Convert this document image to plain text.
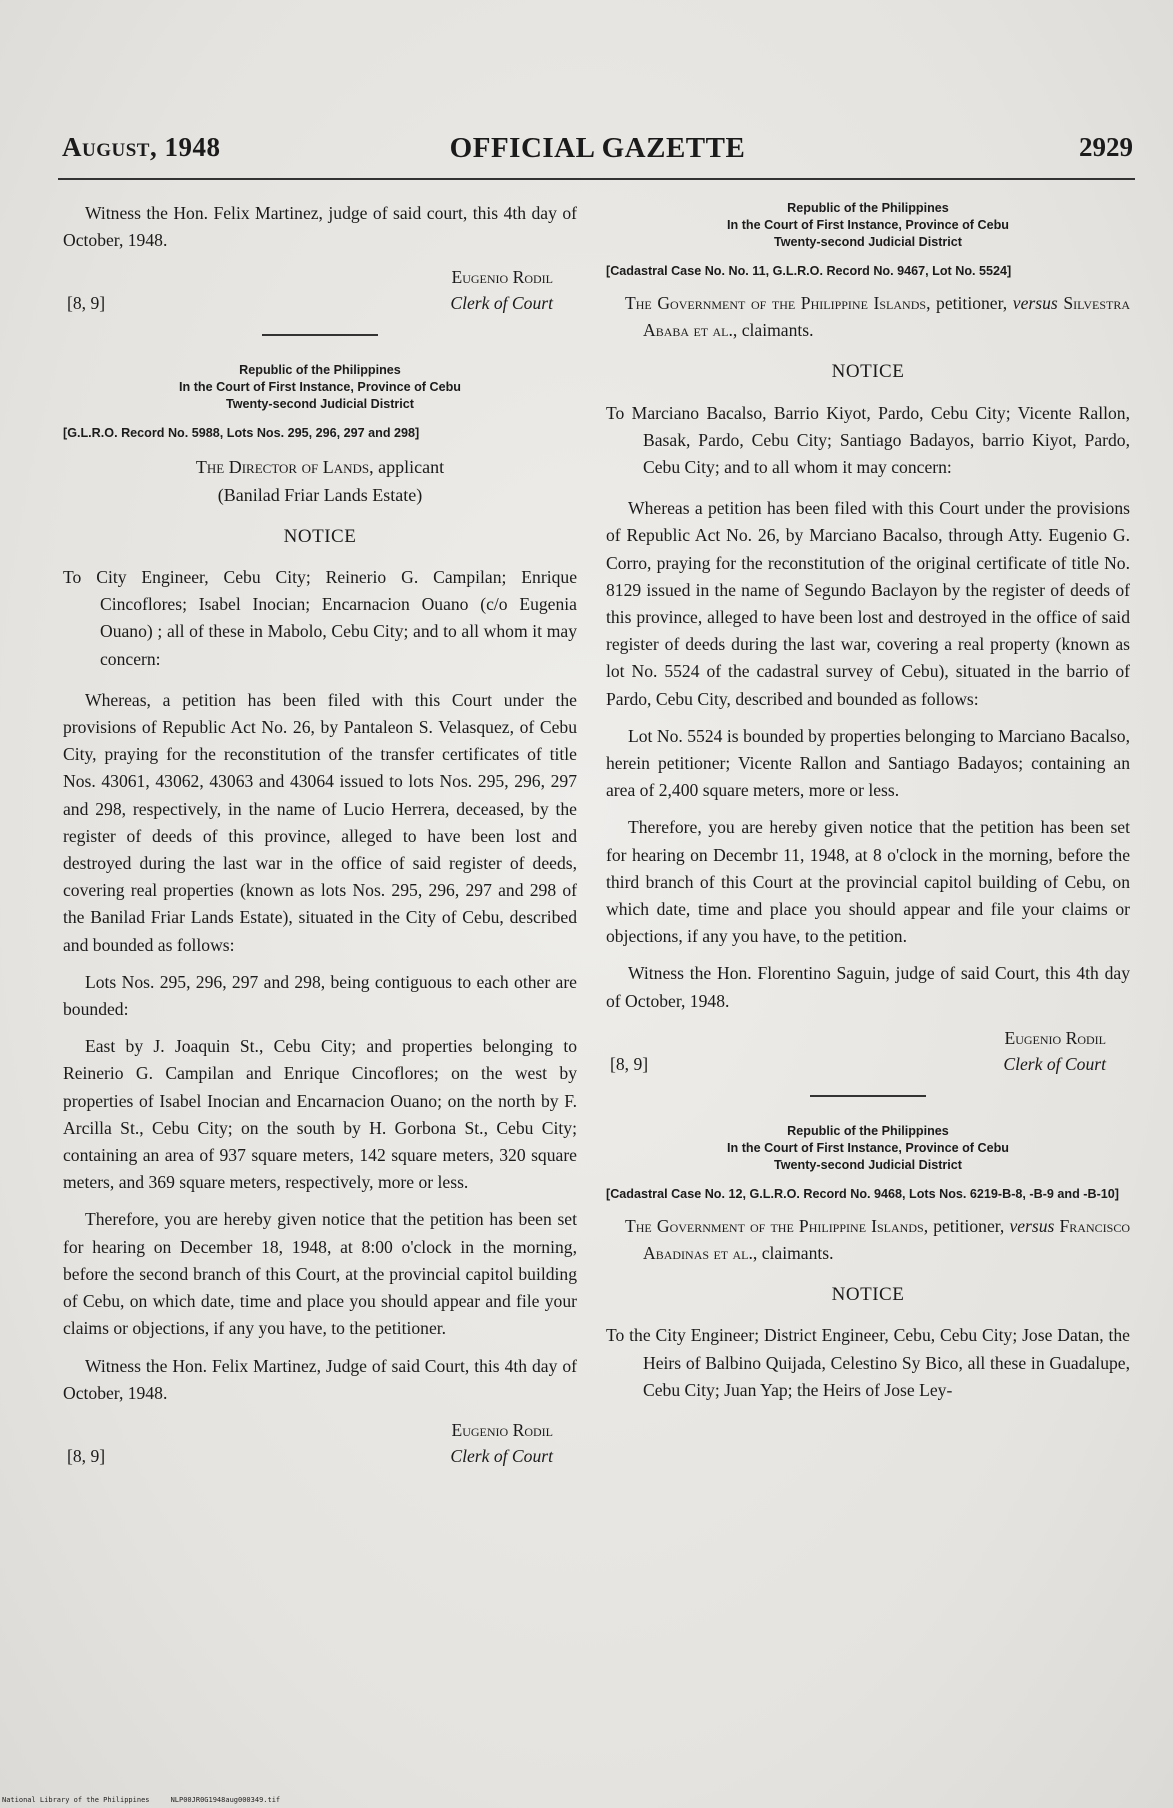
August, 1948	OFFICIAL GAZETTE	2929

Witness the Hon. Felix Martinez, judge of said court, this 4th day of October, 1948.

Eugenio Rodil
[8, 9]	Clerk of Court
Republic of the Philippines
In the Court of First Instance, Province of Cebu
Twenty-second Judicial District
[G.L.R.O. Record No. 5988, Lots Nos. 295, 296, 297 and 298]
The Director of Lands, applicant
(Banilad Friar Lands Estate)
NOTICE
To City Engineer, Cebu City; Reinerio G. Campilan; Enrique Cincoflores; Isabel Inocian; Encarnacion Ouano (c/o Eugenia Ouano) ; all of these in Mabolo, Cebu City; and to all whom it may concern:

Whereas, a petition has been filed with this Court under the provisions of Republic Act No. 26, by Pantaleon S. Velasquez, of Cebu City, praying for the reconstitution of the transfer certificates of title Nos. 43061, 43062, 43063 and 43064 issued to lots Nos. 295, 296, 297 and 298, respectively, in the name of Lucio Herrera, deceased, by the register of deeds of this province, alleged to have been lost and destroyed during the last war in the office of said register of deeds, covering real properties (known as lots Nos. 295, 296, 297 and 298 of the Banilad Friar Lands Estate), situated in the City of Cebu, described and bounded as follows:

Lots Nos. 295, 296, 297 and 298, being contiguous to each other are bounded:

East by J. Joaquin St., Cebu City; and properties belonging to Reinerio G. Campilan and Enrique Cincoflores; on the west by properties of Isabel Inocian and Encarnacion Ouano; on the north by F. Arcilla St., Cebu City; on the south by H. Gorbona St., Cebu City; containing an area of 937 square meters, 142 square meters, 320 square meters, and 369 square meters, respectively, more or less.

Therefore, you are hereby given notice that the petition has been set for hearing on December 18, 1948, at 8:00 o'clock in the morning, before the second branch of this Court, at the provincial capitol building of Cebu, on which date, time and place you should appear and file your claims or objections, if any you have, to the petitioner.

Witness the Hon. Felix Martinez, Judge of said Court, this 4th day of October, 1948.

Eugenio Rodil
[8, 9]	Clerk of Court
Republic of the Philippines
In the Court of First Instance, Province of Cebu
Twenty-second Judicial District
[Cadastral Case No. No. 11, G.L.R.O. Record No. 9467, Lot No. 5524]
The Government of the Philippine Islands, petitioner, versus Silvestra Ababa et al., claimants.
NOTICE
To Marciano Bacalso, Barrio Kiyot, Pardo, Cebu City; Vicente Rallon, Basak, Pardo, Cebu City; Santiago Badayos, barrio Kiyot, Pardo, Cebu City; and to all whom it may concern:

Whereas a petition has been filed with this Court under the provisions of Republic Act No. 26, by Marciano Bacalso, through Atty. Eugenio G. Corro, praying for the reconstitution of the original certificate of title No. 8129 issued in the name of Segundo Baclayon by the register of deeds of this province, alleged to have been lost and destroyed in the office of said register of deeds during the last war, covering a real property (known as lot No. 5524 of the cadastral survey of Cebu), situated in the barrio of Pardo, Cebu City, described and bounded as follows:

Lot No. 5524 is bounded by properties belonging to Marciano Bacalso, herein petitioner; Vicente Rallon and Santiago Badayos; containing an area of 2,400 square meters, more or less.

Therefore, you are hereby given notice that the petition has been set for hearing on Decembr 11, 1948, at 8 o'clock in the morning, before the third branch of this Court at the provincial capitol building of Cebu, on which date, time and place you should appear and file your claims or objections, if any you have, to the petition.

Witness the Hon. Florentino Saguin, judge of said Court, this 4th day of October, 1948.

Eugenio Rodil
[8, 9]	Clerk of Court
Republic of the Philippines
In the Court of First Instance, Province of Cebu
Twenty-second Judicial District
[Cadastral Case No. 12, G.L.R.O. Record No. 9468, Lots Nos. 6219-B-8, -B-9 and -B-10]
The Government of the Philippine Islands, petitioner, versus Francisco Abadinas et al., claimants.
NOTICE
To the City Engineer; District Engineer, Cebu, Cebu City; Jose Datan, the Heirs of Balbino Quijada, Celestino Sy Bico, all these in Guadalupe, Cebu City; Juan Yap; the Heirs of Jose Ley-
National Library of the Philippines     NLP00JR0G1948aug000349.tif
